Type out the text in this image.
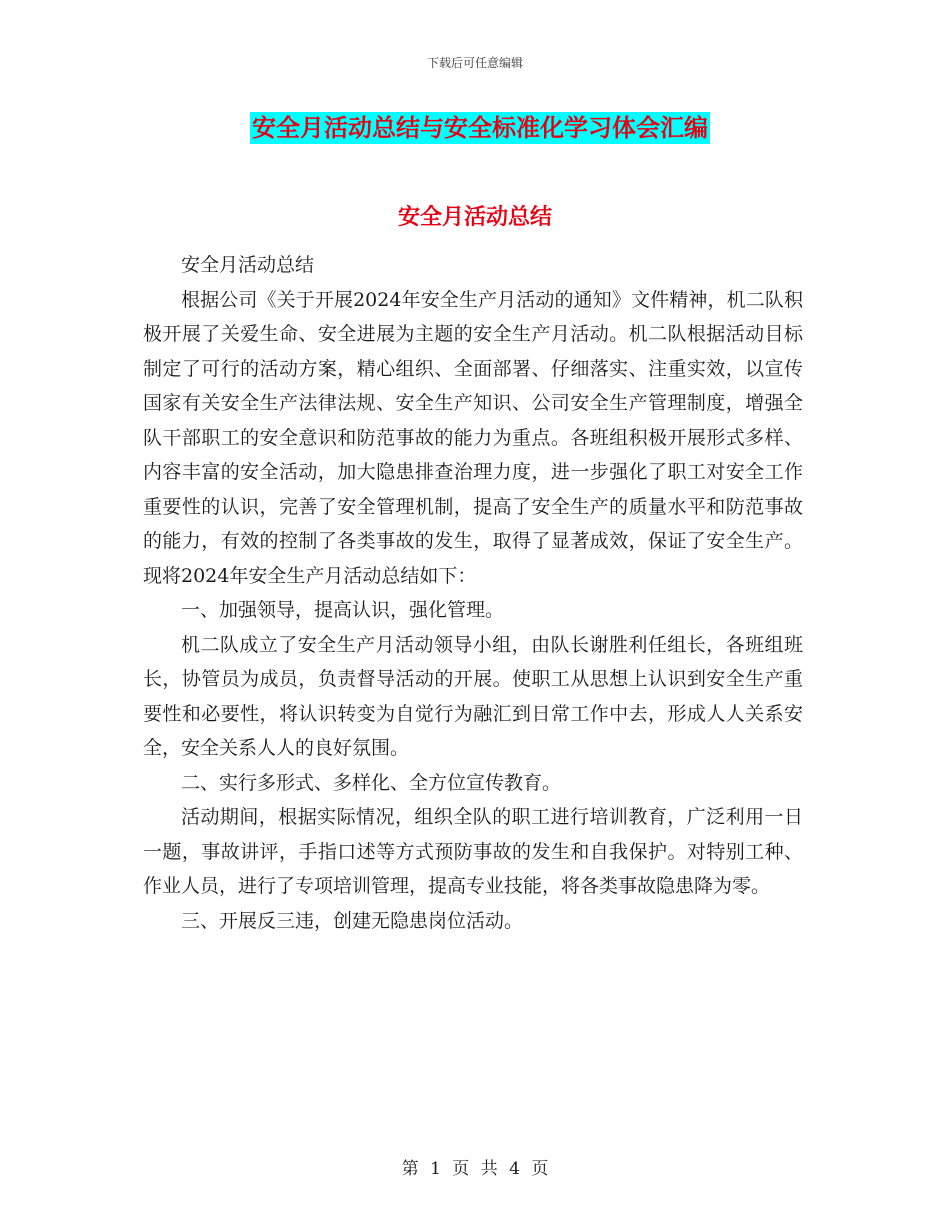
下载后可任意编辑
安全月活动总结与安全标准化学习体会汇编
安全月活动总结

安全月活动总结

根据公司《关于开展2024年安全生产月活动的通知》文件精神，机二队积极开展了关爱生命、安全进展为主题的安全生产月活动。机二队根据活动目标制定了可行的活动方案，精心组织、全面部署、仔细落实、注重实效，以宣传国家有关安全生产法律法规、安全生产知识、公司安全生产管理制度，增强全队干部职工的安全意识和防范事故的能力为重点。各班组积极开展形式多样、内容丰富的安全活动，加大隐患排查治理力度，进一步强化了职工对安全工作重要性的认识，完善了安全管理机制，提高了安全生产的质量水平和防范事故的能力，有效的控制了各类事故的发生，取得了显著成效，保证了安全生产。现将2024年安全生产月活动总结如下：

一、加强领导，提高认识，强化管理。

机二队成立了安全生产月活动领导小组，由队长谢胜利任组长，各班组班长，协管员为成员，负责督导活动的开展。使职工从思想上认识到安全生产重要性和必要性，将认识转变为自觉行为融汇到日常工作中去，形成人人关系安全，安全关系人人的良好氛围。

二、实行多形式、多样化、全方位宣传教育。

活动期间，根据实际情况，组织全队的职工进行培训教育，广泛利用一日一题，事故讲评，手指口述等方式预防事故的发生和自我保护。对特别工种、作业人员，进行了专项培训管理，提高专业技能，将各类事故隐患降为零。

三、开展反三违，创建无隐患岗位活动。

第 1 页 共 4 页
